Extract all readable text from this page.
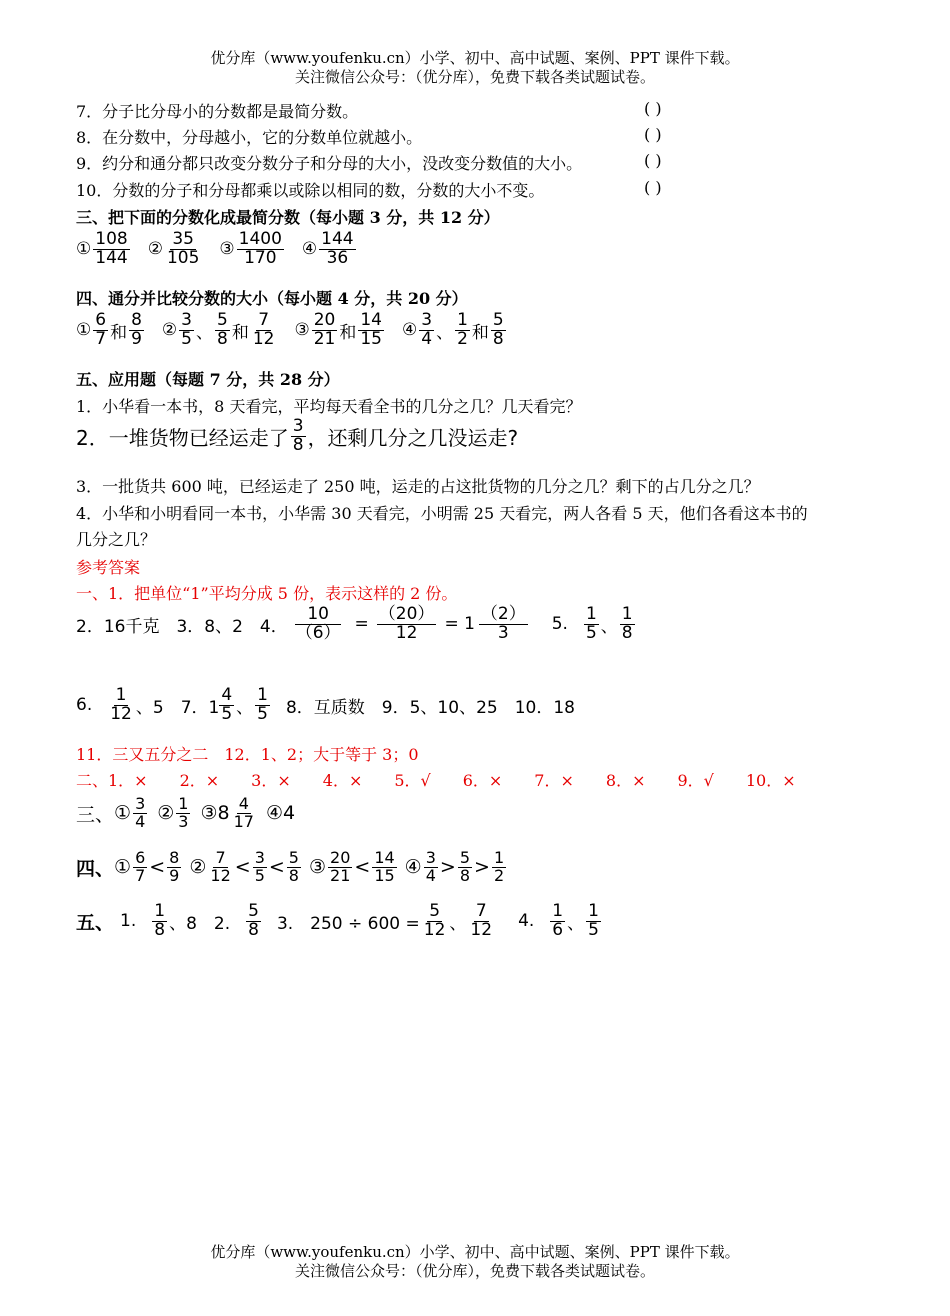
优分库（www.youfenku.cn）小学、初中、高中试题、案例、PPT 课件下载。
关注微信公众号：（优分库），免费下载各类试题试卷。
7．分子比分母小的分数都是最简分数。	( )
8．在分数中，分母越小，它的分数单位就越小。	( )
9．约分和通分都只改变分数分子和分母的大小，没改变分数值的大小。	( )
10．分数的分子和分母都乘以或除以相同的数，分数的大小不变。	( )
三、把下面的分数化成最简分数（每小题 3 分，共 12 分）
① $\frac{108}{144}$ ② $\frac{35}{105}$ ③ $\frac{1400}{170}$ ④ $\frac{144}{36}$
四、通分并比较分数的大小（每小题 4 分，共 20 分）
① $\frac{6}{7}$ 和 $\frac{8}{9}$ ② $\frac{3}{5}$ 、 $\frac{5}{8}$ 和 $\frac{7}{12}$ ③ $\frac{20}{21}$ 和 $\frac{14}{15}$ ④ $\frac{3}{4}$ 、 $\frac{1}{2}$ 和 $\frac{5}{8}$
五、应用题（每题 7 分，共 28 分）
1．小华看一本书，8 天看完，平均每天看全书的几分之几？几天看完？
2．一堆货物已经运走了 $\frac{3}{8}$ ，还剩几分之几没运走?
3．一批货共 600 吨，已经运走了 250 吨，运走的占这批货物的几分之几？剩下的占几分之几？
4．小华和小明看同一本书，小华需 30 天看完，小明需 25 天看完，两人各看 5 天，他们各看这本书的
几分之几？
参考答案
一、1．把单位“1”平均分成 5 份，表示这样的 2 份。
2．16千克　3．8、2　4． $\frac{10}{(6)} = \frac{(20)}{12} = 1 \frac{(2)}{3} 5$. $\frac{1}{5}$ 、 $\frac{1}{8}$
6. $\frac{1}{12}$ 、5　7．$1 \frac{4}{5}$ 、 $\frac{1}{5} 8$．互质数　9．5、10、25　10．18
11．三又五分之二　12．1、2；大于等于 3；0
二、1．×　　2．×　　3．×　　4．×　　5．√　　6．×　　7．×　　8．×　　9．√　　10．×
三、 ① $\frac{3}{4}$ ② $\frac{1}{3}$ ③8 $\frac{4}{17}$ ④4
四、 ① $\frac{6}{7} < \frac{8}{9}$ ② $\frac{7}{12} < \frac{3}{5} < \frac{5}{8}$ ③ $\frac{20}{21} < \frac{14}{15}$ ④ $\frac{3}{4} > \frac{5}{8} > \frac{1}{2}$
五、 1. $\frac{1}{8}$ 、8　2. $\frac{5}{8} 3$.　$250 \div 600 = \frac{5}{12}$ 、 $\frac{7}{12} 4$. $\frac{1}{6}$ 、 $\frac{1}{5}$
优分库（www.youfenku.cn）小学、初中、高中试题、案例、PPT 课件下载。
关注微信公众号：（优分库），免费下载各类试题试卷。
